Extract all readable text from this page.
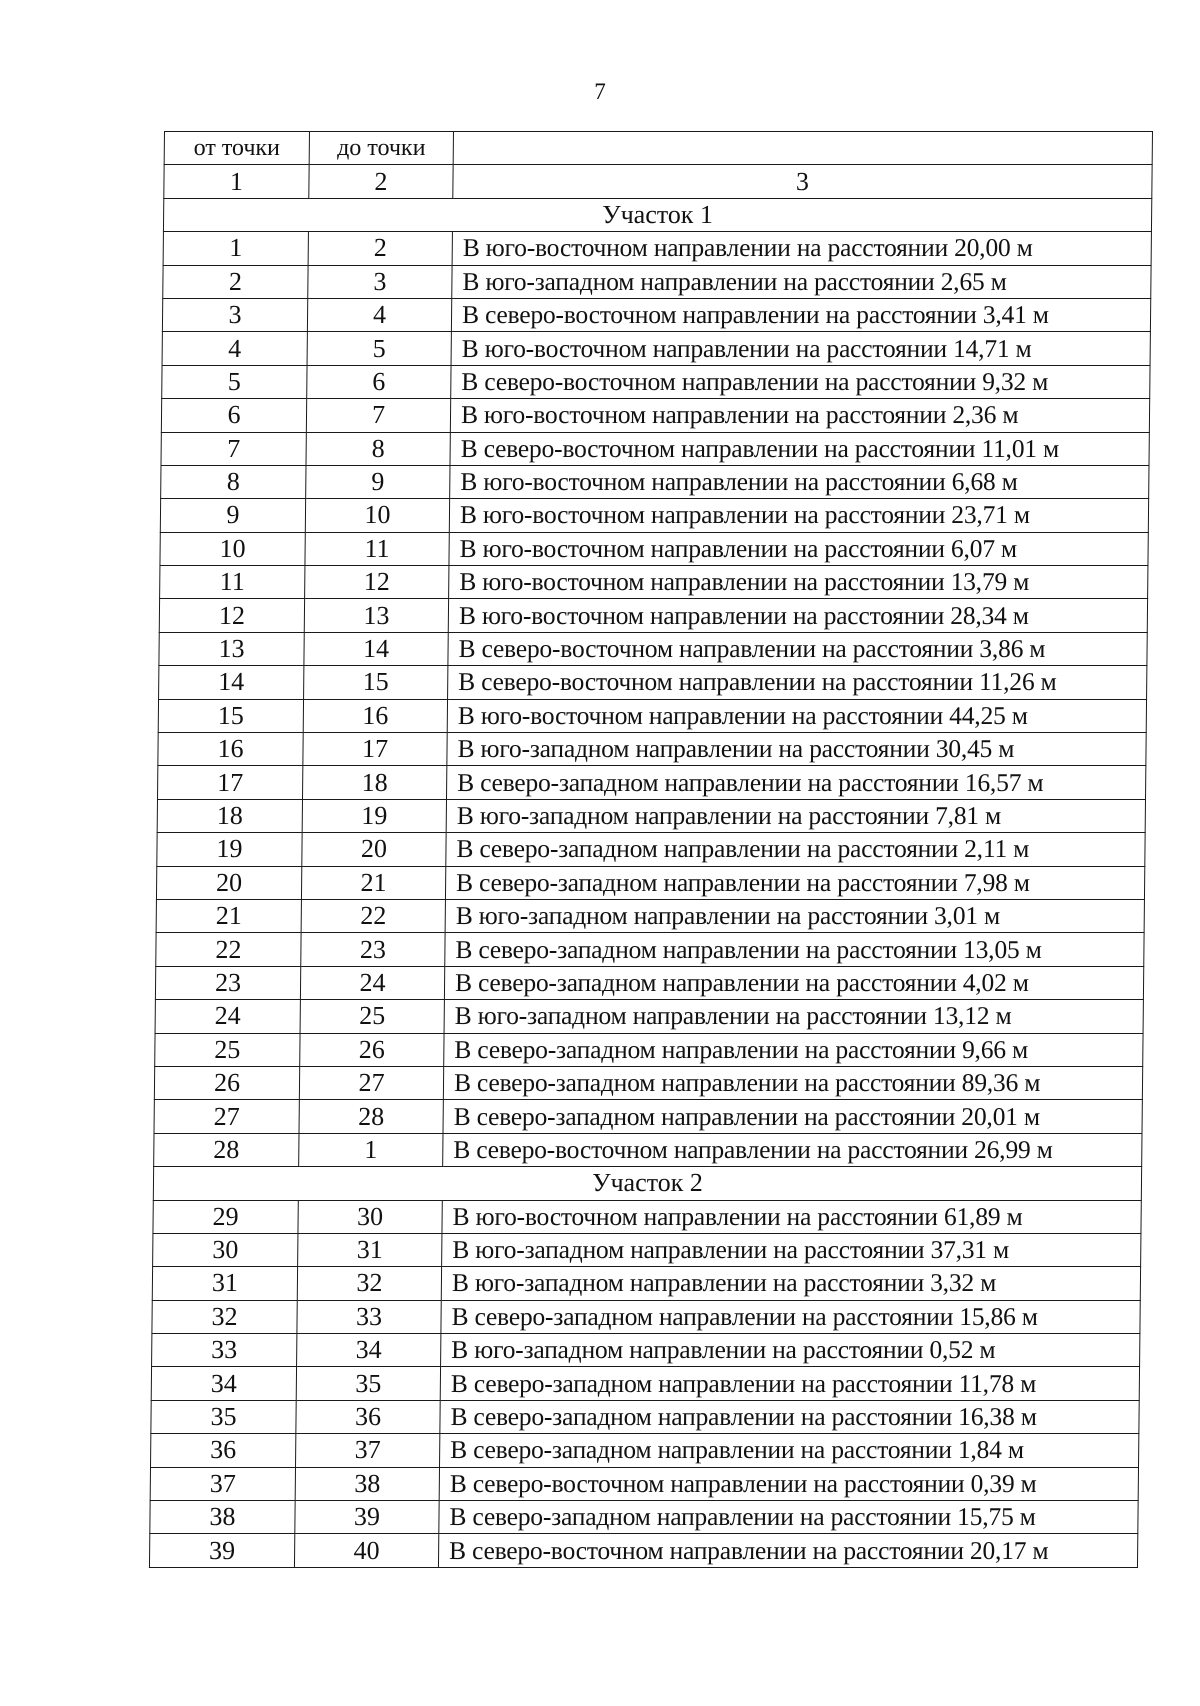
7
от точки	до точки	
1	2	3
Участок 1		
1	2	В юго-восточном направлении на расстоянии 20,00 м
2	3	В юго-западном направлении на расстоянии 2,65 м
3	4	В северо-восточном направлении на расстоянии 3,41 м
4	5	В юго-восточном направлении на расстоянии 14,71 м
5	6	В северо-восточном направлении на расстоянии 9,32 м
6	7	В юго-восточном направлении на расстоянии 2,36 м
7	8	В северо-восточном направлении на расстоянии 11,01 м
8	9	В юго-восточном направлении на расстоянии 6,68 м
9	10	В юго-восточном направлении на расстоянии 23,71 м
10	11	В юго-восточном направлении на расстоянии 6,07 м
11	12	В юго-восточном направлении на расстоянии 13,79 м
12	13	В юго-восточном направлении на расстоянии 28,34 м
13	14	В северо-восточном направлении на расстоянии 3,86 м
14	15	В северо-восточном направлении на расстоянии 11,26 м
15	16	В юго-восточном направлении на расстоянии 44,25 м
16	17	В юго-западном направлении на расстоянии 30,45 м
17	18	В северо-западном направлении на расстоянии 16,57 м
18	19	В юго-западном направлении на расстоянии 7,81 м
19	20	В северо-западном направлении на расстоянии 2,11 м
20	21	В северо-западном направлении на расстоянии 7,98 м
21	22	В юго-западном направлении на расстоянии 3,01 м
22	23	В северо-западном направлении на расстоянии 13,05 м
23	24	В северо-западном направлении на расстоянии 4,02 м
24	25	В юго-западном направлении на расстоянии 13,12 м
25	26	В северо-западном направлении на расстоянии 9,66 м
26	27	В северо-западном направлении на расстоянии 89,36 м
27	28	В северо-западном направлении на расстоянии 20,01 м
28	1	В северо-восточном направлении на расстоянии 26,99 м
Участок 2		
29	30	В юго-восточном направлении на расстоянии 61,89 м
30	31	В юго-западном направлении на расстоянии 37,31 м
31	32	В юго-западном направлении на расстоянии 3,32 м
32	33	В северо-западном направлении на расстоянии 15,86 м
33	34	В юго-западном направлении на расстоянии 0,52 м
34	35	В северо-западном направлении на расстоянии 11,78 м
35	36	В северо-западном направлении на расстоянии 16,38 м
36	37	В северо-западном направлении на расстоянии 1,84 м
37	38	В северо-восточном направлении на расстоянии 0,39 м
38	39	В северо-западном направлении на расстоянии 15,75 м
39	40	В северо-восточном направлении на расстоянии 20,17 м
